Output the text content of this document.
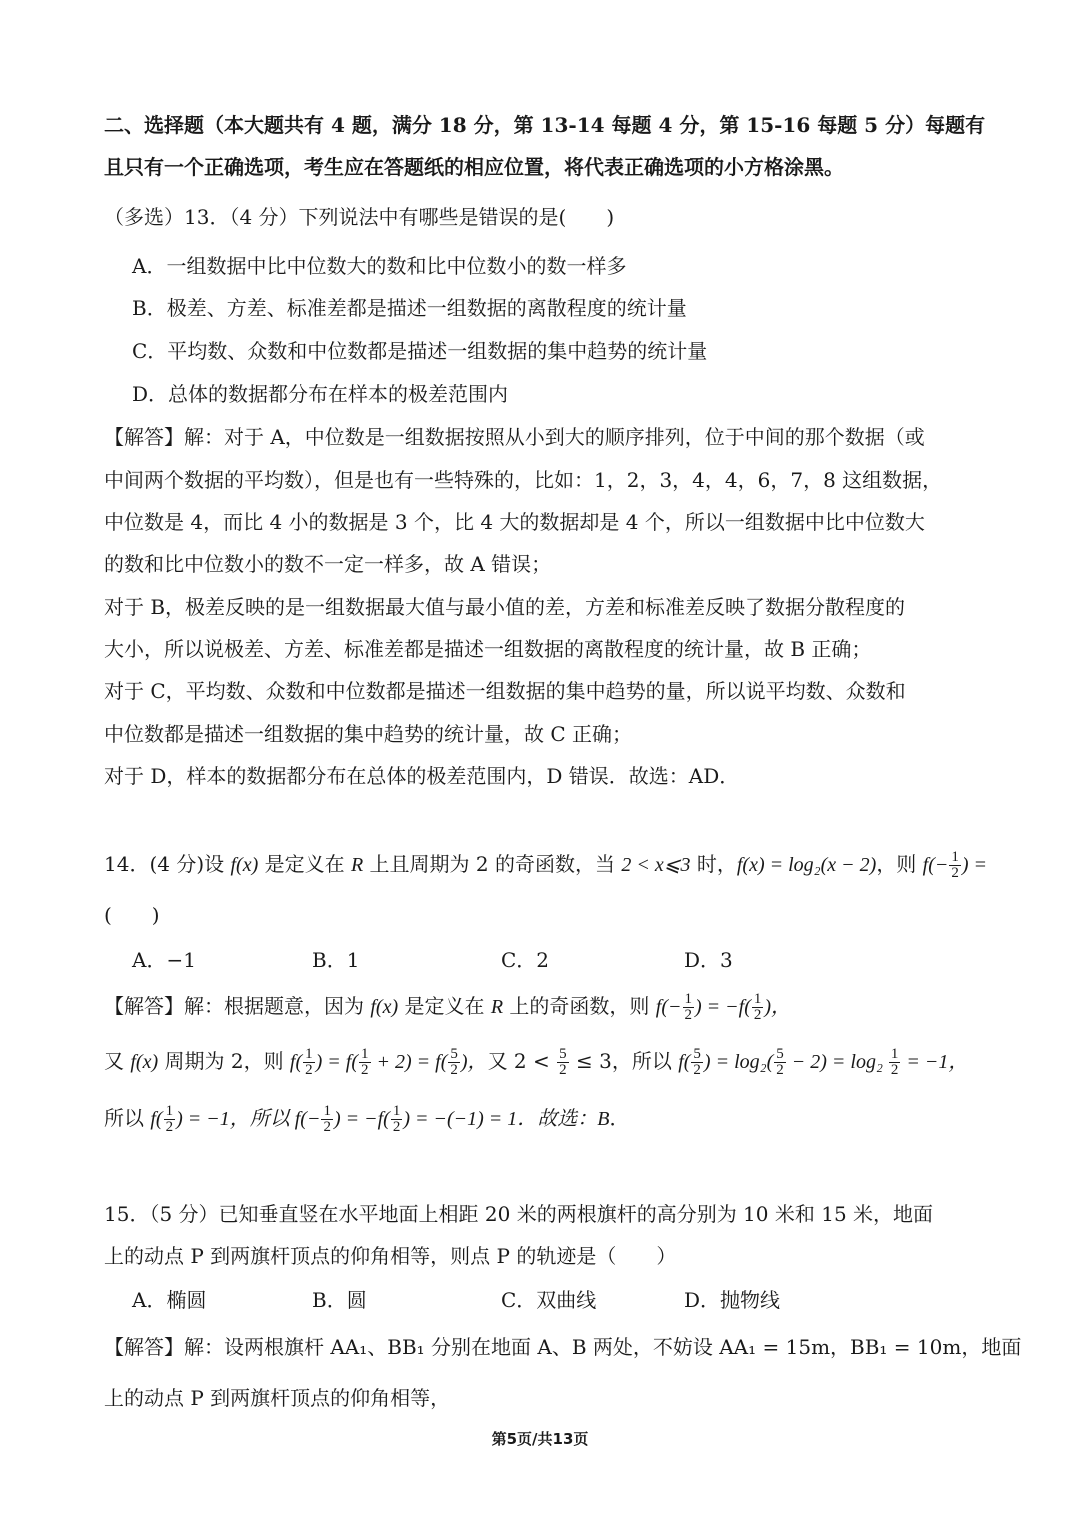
二、选择题（本大题共有 4 题，满分 18 分，第 13-14 每题 4 分，第 15-16 每题 5 分）每题有
且只有一个正确选项，考生应在答题纸的相应位置，将代表正确选项的小方格涂黑。
（多选）13．（4 分）下列说法中有哪些是错误的是(　　)
A．一组数据中比中位数大的数和比中位数小的数一样多
B．极差、方差、标准差都是描述一组数据的离散程度的统计量
C．平均数、众数和中位数都是描述一组数据的集中趋势的统计量
D．总体的数据都分布在样本的极差范围内
【解答】解：对于 A，中位数是一组数据按照从小到大的顺序排列，位于中间的那个数据（或
中间两个数据的平均数），但是也有一些特殊的，比如：1，2，3，4，4，6，7，8 这组数据，
中位数是 4，而比 4 小的数据是 3 个，比 4 大的数据却是 4 个，所以一组数据中比中位数大
的数和比中位数小的数不一定一样多，故 A 错误；
对于 B，极差反映的是一组数据最大值与最小值的差，方差和标准差反映了数据分散程度的
大小，所以说极差、方差、标准差都是描述一组数据的离散程度的统计量，故 B 正确；
对于 C，平均数、众数和中位数都是描述一组数据的集中趋势的量，所以说平均数、众数和
中位数都是描述一组数据的集中趋势的统计量，故 C 正确；
对于 D，样本的数据都分布在总体的极差范围内，D 错误．故选：AD．
14．(4 分)设 f(x) 是定义在 R 上且周期为 2 的奇函数，当 2 < x⩽3 时，f(x) = log₂(x − 2)，则 $f(- \frac{1}{2}$ ) =
(　　)
A．−1	B．1	C．2	D．3
【解答】解：根据题意，因为 f(x) 是定义在 R 上的奇函数，则 $f(- \frac{1}{2}$ ) = $-f( \frac{1}{2}$ )，
又 f(x) 周期为 2，则 $f( \frac{1}{2}$ ) = $f( \frac{1}{2} + 2) = f( \frac{5}{2}$ )，又 $2 < \frac{5}{2} \le 3$，所以 $f( \frac{5}{2}$ ) = $\log_2( \frac{5}{2} - 2) = \log_2 \frac{1}{2} = -1$，
所以 $f( \frac{1}{2}$ ) = −1，所以 $f(- \frac{1}{2}$ ) = $-f( \frac{1}{2}$ ) = −(−1) = 1．故选：B．
15．（5 分）已知垂直竖在水平地面上相距 20 米的两根旗杆的高分别为 10 米和 15 米，地面
上的动点 P 到两旗杆顶点的仰角相等，则点 P 的轨迹是（　　）
A．椭圆	B．圆	C．双曲线	D．抛物线
【解答】解：设两根旗杆 AA₁、BB₁ 分别在地面 A、B 两处，不妨设 AA₁ = 15m，BB₁ = 10m，地面
上的动点 P 到两旗杆顶点的仰角相等，
第5页/共13页
